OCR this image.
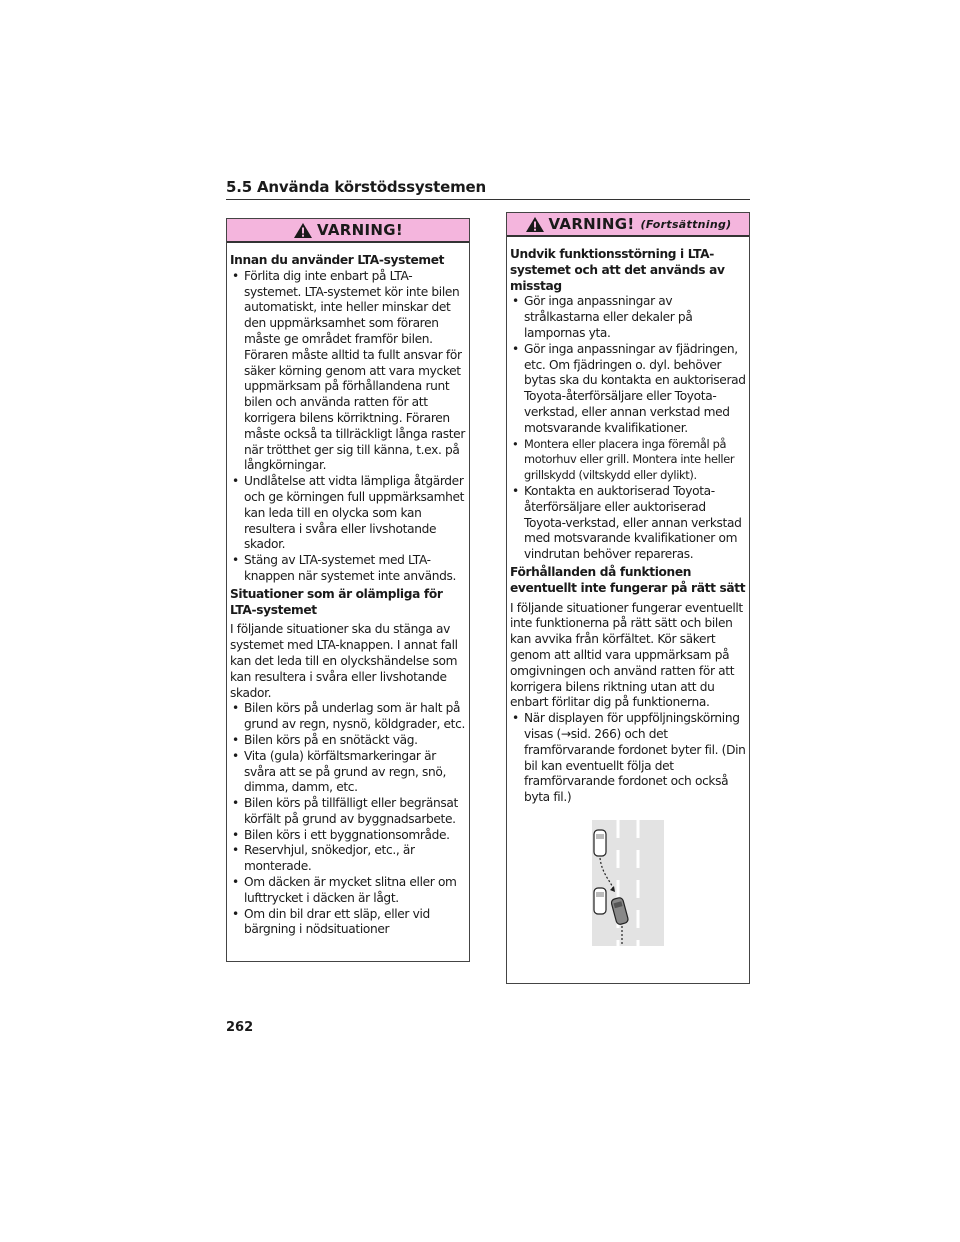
5.5 Använda körstödssystemen
VARNING!
Innan du använder LTA-systemet
• Förlita dig inte enbart på LTA-systemet. LTA-systemet kör inte bilen automatiskt, inte heller minskar det den uppmärksamhet som föraren måste ge området framför bilen. Föraren måste alltid ta fullt ansvar för säker körning genom att vara mycket uppmärksam på förhållandena runt bilen och använda ratten för att korrigera bilens körriktning. Föraren måste också ta tillräckligt långa raster när trötthet ger sig till känna, t.ex. på långkörningar.
• Undlåtelse att vidta lämpliga åtgärder och ge körningen full uppmärksamhet kan leda till en olycka som kan resultera i svåra eller livshotande skador.
• Stäng av LTA-systemet med LTA-knappen när systemet inte används.
Situationer som är olämpliga för LTA-systemet
I följande situationer ska du stänga av systemet med LTA-knappen. I annat fall kan det leda till en olyckshändelse som kan resultera i svåra eller livshotande skador.
• Bilen körs på underlag som är halt på grund av regn, nysnö, köldgrader, etc.
• Bilen körs på en snötäckt väg.
• Vita (gula) körfältsmarkeringar är svåra att se på grund av regn, snö, dimma, damm, etc.
• Bilen körs på tillfälligt eller begränsat körfält på grund av byggnadsarbete.
• Bilen körs i ett byggnationsområde.
• Reservhjul, snökedjor, etc., är monterade.
• Om däcken är mycket slitna eller om lufttrycket i däcken är lågt.
• Om din bil drar ett släp, eller vid bärgning i nödsituationer
VARNING! (Fortsättning)
Undvik funktionsstörning i LTA-systemet och att det används av misstag
• Gör inga anpassningar av strålkastarna eller dekaler på lampornas yta.
• Gör inga anpassningar av fjädringen, etc. Om fjädringen o. dyl. behöver bytas ska du kontakta en auktoriserad Toyota-återförsäljare eller Toyota-verkstad, eller annan verkstad med motsvarande kvalifikationer.
• Montera eller placera inga föremål på motorhuv eller grill. Montera inte heller grillskydd (viltskydd eller dylikt).
• Kontakta en auktoriserad Toyota-återförsäljare eller auktoriserad Toyota-verkstad, eller annan verkstad med motsvarande kvalifikationer om vindrutan behöver repareras.
Förhållanden då funktionen eventuellt inte fungerar på rätt sätt
I följande situationer fungerar eventuellt inte funktionerna på rätt sätt och bilen kan avvika från körfältet. Kör säkert genom att alltid vara uppmärksam på omgivningen och använd ratten för att korrigera bilens riktning utan att du enbart förlitar dig på funktionerna.
• När displayen för uppföljningskörning visas (→sid. 266) och det framförvarande fordonet byter fil. (Din bil kan eventuellt följa det framförvarande fordonet och också byta fil.)
262
